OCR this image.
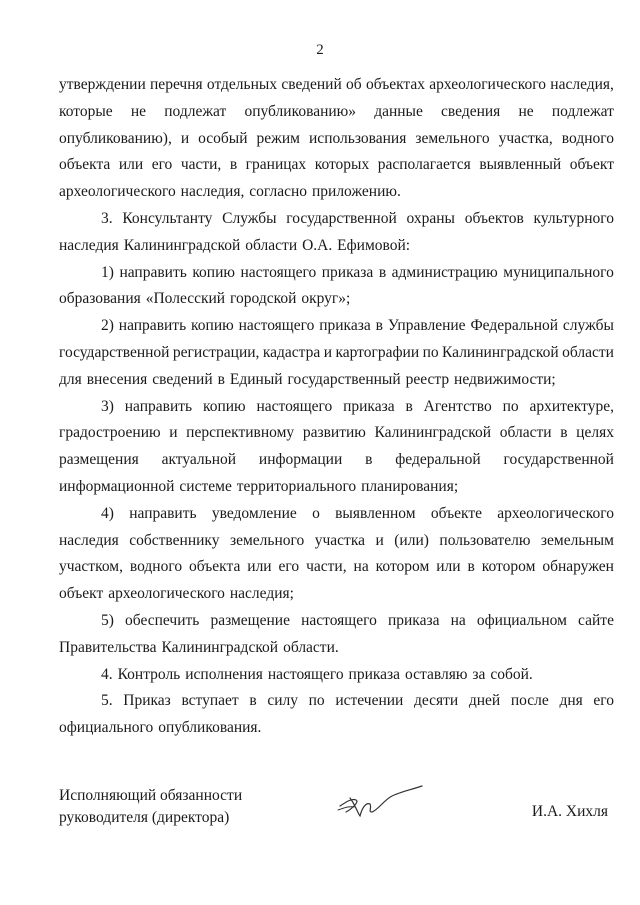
2
утверждении перечня отдельных сведений об объектах археологического наследия,
которые не подлежат опубликованию» данные сведения не подлежат
опубликованию), и особый режим использования земельного участка, водного
объекта или его части, в границах которых располагается выявленный объект
археологического наследия, согласно приложению.
3. Консультанту Службы государственной охраны объектов культурного
наследия Калининградской области О.А. Ефимовой:
1) направить копию настоящего приказа в администрацию муниципального
образования «Полесский городской округ»;
2) направить копию настоящего приказа в Управление Федеральной службы
государственной регистрации, кадастра и картографии по Калининградской области
для внесения сведений в Единый государственный реестр недвижимости;
3) направить копию настоящего приказа в Агентство по архитектуре,
градостроению и перспективному развитию Калининградской области в целях
размещения актуальной информации в федеральной государственной
информационной системе территориального планирования;
4) направить уведомление о выявленном объекте археологического
наследия собственнику земельного участка и (или) пользователю земельным
участком, водного объекта или его части, на котором или в котором обнаружен
объект археологического наследия;
5) обеспечить размещение настоящего приказа на официальном сайте
Правительства Калининградской области.
4. Контроль исполнения настоящего приказа оставляю за собой.
5. Приказ вступает в силу по истечении десяти дней после дня его
официального опубликования.
Исполняющий обязанности
руководителя (директора)	И.А. Хихля
